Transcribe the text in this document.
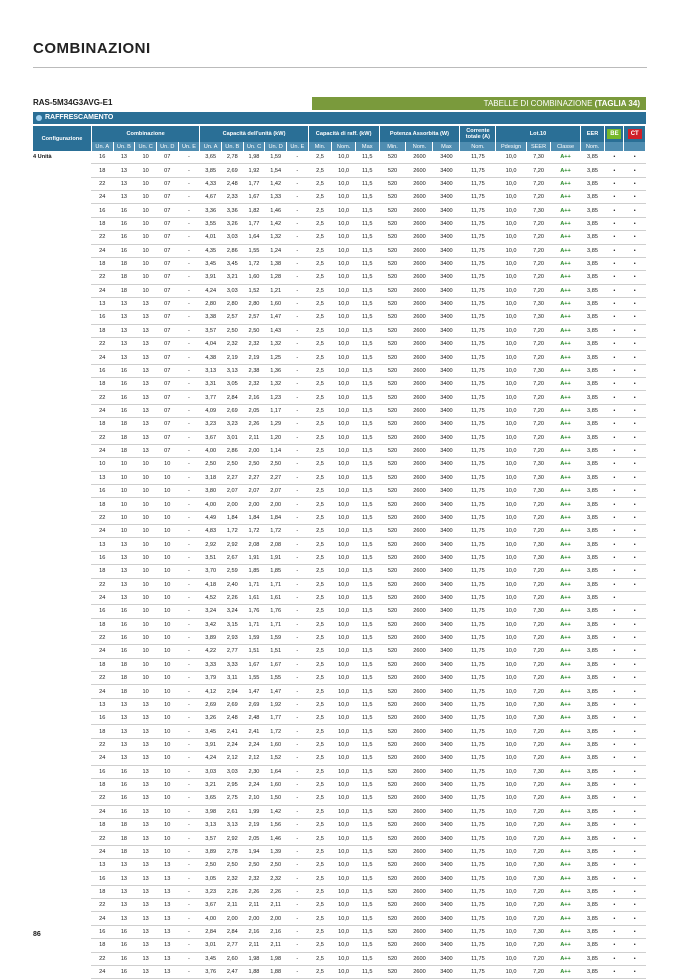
COMBINAZIONI
RAS-5M34G3AVG-E1	TABELLE DI COMBINAZIONE (TAGLIA 34)
RAFFRESCAMENTO
Configurazione	Combinazione					Capacità dell'unità (kW)					Capacità di raff. (kW)			Potenza Assorbita (W)			Corrente totale (A)	Lot.10			EER	BE	CT
	Un. A	Un. B	Un. C	Un. D	Un. E	Un. A	Un. B	Un. C	Un. D	Un. E	Min.	Nom.	Max	Min.	Nom.	Max	Nom.	Pdesign	SEER	Classe	Nom.		
4 Unità	16	13	10	07	-	3,65	2,78	1,98	1,59	-	2,5	10,0	11,5	520	2600	3400	11,75	10,0	7,30	A++	3,85	•	•
	18	13	10	07	-	3,85	2,69	1,92	1,54	-	2,5	10,0	11,5	520	2600	3400	11,75	10,0	7,20	A++	3,85	•	•
	22	13	10	07	-	4,33	2,48	1,77	1,42	-	2,5	10,0	11,5	520	2600	3400	11,75	10,0	7,20	A++	3,85	•	•
	24	13	10	07	-	4,67	2,33	1,67	1,33	-	2,5	10,0	11,5	520	2600	3400	11,75	10,0	7,20	A++	3,85	•	•
	16	16	10	07	-	3,36	3,36	1,82	1,46	-	2,5	10,0	11,5	520	2600	3400	11,75	10,0	7,30	A++	3,85	•	•
	18	16	10	07	-	3,55	3,26	1,77	1,42	-	2,5	10,0	11,5	520	2600	3400	11,75	10,0	7,20	A++	3,85	•	•
	22	16	10	07	-	4,01	3,03	1,64	1,32	-	2,5	10,0	11,5	520	2600	3400	11,75	10,0	7,20	A++	3,85	•	•
	24	16	10	07	-	4,35	2,86	1,55	1,24	-	2,5	10,0	11,5	520	2600	3400	11,75	10,0	7,20	A++	3,85	•	•
	18	18	10	07	-	3,45	3,45	1,72	1,38	-	2,5	10,0	11,5	520	2600	3400	11,75	10,0	7,20	A++	3,85	•	•
	22	18	10	07	-	3,91	3,21	1,60	1,28	-	2,5	10,0	11,5	520	2600	3400	11,75	10,0	7,20	A++	3,85	•	•
	24	18	10	07	-	4,24	3,03	1,52	1,21	-	2,5	10,0	11,5	520	2600	3400	11,75	10,0	7,20	A++	3,85	•	•
	13	13	13	07	-	2,80	2,80	2,80	1,60	-	2,5	10,0	11,5	520	2600	3400	11,75	10,0	7,30	A++	3,85	•	•
	16	13	13	07	-	3,38	2,57	2,57	1,47	-	2,5	10,0	11,5	520	2600	3400	11,75	10,0	7,30	A++	3,85	•	•
	18	13	13	07	-	3,57	2,50	2,50	1,43	-	2,5	10,0	11,5	520	2600	3400	11,75	10,0	7,20	A++	3,85	•	•
	22	13	13	07	-	4,04	2,32	2,32	1,32	-	2,5	10,0	11,5	520	2600	3400	11,75	10,0	7,20	A++	3,85	•	•
	24	13	13	07	-	4,38	2,19	2,19	1,25	-	2,5	10,0	11,5	520	2600	3400	11,75	10,0	7,20	A++	3,85	•	•
	16	16	13	07	-	3,13	3,13	2,38	1,36	-	2,5	10,0	11,5	520	2600	3400	11,75	10,0	7,30	A++	3,85	•	•
	18	16	13	07	-	3,31	3,05	2,32	1,32	-	2,5	10,0	11,5	520	2600	3400	11,75	10,0	7,20	A++	3,85	•	•
	22	16	13	07	-	3,77	2,84	2,16	1,23	-	2,5	10,0	11,5	520	2600	3400	11,75	10,0	7,20	A++	3,85	•	•
	24	16	13	07	-	4,09	2,69	2,05	1,17	-	2,5	10,0	11,5	520	2600	3400	11,75	10,0	7,20	A++	3,85	•	•
	18	18	13	07	-	3,23	3,23	2,26	1,29	-	2,5	10,0	11,5	520	2600	3400	11,75	10,0	7,20	A++	3,85	•	•
	22	18	13	07	-	3,67	3,01	2,11	1,20	-	2,5	10,0	11,5	520	2600	3400	11,75	10,0	7,20	A++	3,85	•	•
	24	18	13	07	-	4,00	2,86	2,00	1,14	-	2,5	10,0	11,5	520	2600	3400	11,75	10,0	7,20	A++	3,85	•	•
	10	10	10	10	-	2,50	2,50	2,50	2,50	-	2,5	10,0	11,5	520	2600	3400	11,75	10,0	7,30	A++	3,85	•	•
	13	10	10	10	-	3,18	2,27	2,27	2,27	-	2,5	10,0	11,5	520	2600	3400	11,75	10,0	7,30	A++	3,85	•	•
	16	10	10	10	-	3,80	2,07	2,07	2,07	-	2,5	10,0	11,5	520	2600	3400	11,75	10,0	7,30	A++	3,85	•	•
	18	10	10	10	-	4,00	2,00	2,00	2,00	-	2,5	10,0	11,5	520	2600	3400	11,75	10,0	7,20	A++	3,85	•	•
	22	10	10	10	-	4,49	1,84	1,84	1,84	-	2,5	10,0	11,5	520	2600	3400	11,75	10,0	7,20	A++	3,85	•	•
	24	10	10	10	-	4,83	1,72	1,72	1,72	-	2,5	10,0	11,5	520	2600	3400	11,75	10,0	7,20	A++	3,85	•	•
	13	13	10	10	-	2,92	2,92	2,08	2,08	-	2,5	10,0	11,5	520	2600	3400	11,75	10,0	7,30	A++	3,85	•	•
	16	13	10	10	-	3,51	2,67	1,91	1,91	-	2,5	10,0	11,5	520	2600	3400	11,75	10,0	7,30	A++	3,85	•	•
	18	13	10	10	-	3,70	2,59	1,85	1,85	-	2,5	10,0	11,5	520	2600	3400	11,75	10,0	7,20	A++	3,85	•	•
	22	13	10	10	-	4,18	2,40	1,71	1,71	-	2,5	10,0	11,5	520	2600	3400	11,75	10,0	7,20	A++	3,85	•	•
	24	13	10	10	-	4,52	2,26	1,61	1,61	-	2,5	10,0	11,5	520	2600	3400	11,75	10,0	7,20	A++	3,85	•	
	16	16	10	10	-	3,24	3,24	1,76	1,76	-	2,5	10,0	11,5	520	2600	3400	11,75	10,0	7,30	A++	3,85	•	•
	18	16	10	10	-	3,42	3,15	1,71	1,71	-	2,5	10,0	11,5	520	2600	3400	11,75	10,0	7,20	A++	3,85	•	•
	22	16	10	10	-	3,89	2,93	1,59	1,59	-	2,5	10,0	11,5	520	2600	3400	11,75	10,0	7,20	A++	3,85	•	•
	24	16	10	10	-	4,22	2,77	1,51	1,51	-	2,5	10,0	11,5	520	2600	3400	11,75	10,0	7,20	A++	3,85	•	•
	18	18	10	10	-	3,33	3,33	1,67	1,67	-	2,5	10,0	11,5	520	2600	3400	11,75	10,0	7,20	A++	3,85	•	•
	22	18	10	10	-	3,79	3,11	1,55	1,55	-	2,5	10,0	11,5	520	2600	3400	11,75	10,0	7,20	A++	3,85	•	•
	24	18	10	10	-	4,12	2,94	1,47	1,47	-	2,5	10,0	11,5	520	2600	3400	11,75	10,0	7,20	A++	3,85	•	•
	13	13	13	10	-	2,69	2,69	2,69	1,92	-	2,5	10,0	11,5	520	2600	3400	11,75	10,0	7,30	A++	3,85	•	•
	16	13	13	10	-	3,26	2,48	2,48	1,77	-	2,5	10,0	11,5	520	2600	3400	11,75	10,0	7,30	A++	3,85	•	•
	18	13	13	10	-	3,45	2,41	2,41	1,72	-	2,5	10,0	11,5	520	2600	3400	11,75	10,0	7,20	A++	3,85	•	•
	22	13	13	10	-	3,91	2,24	2,24	1,60	-	2,5	10,0	11,5	520	2600	3400	11,75	10,0	7,20	A++	3,85	•	•
	24	13	13	10	-	4,24	2,12	2,12	1,52	-	2,5	10,0	11,5	520	2600	3400	11,75	10,0	7,20	A++	3,85	•	•
	16	16	13	10	-	3,03	3,03	2,30	1,64	-	2,5	10,0	11,5	520	2600	3400	11,75	10,0	7,30	A++	3,85	•	•
	18	16	13	10	-	3,21	2,95	2,24	1,60	-	2,5	10,0	11,5	520	2600	3400	11,75	10,0	7,20	A++	3,85	•	•
	22	16	13	10	-	3,65	2,75	2,10	1,50	-	2,5	10,0	11,5	520	2600	3400	11,75	10,0	7,20	A++	3,85	•	•
	24	16	13	10	-	3,98	2,61	1,99	1,42	-	2,5	10,0	11,5	520	2600	3400	11,75	10,0	7,20	A++	3,85	•	•
	18	18	13	10	-	3,13	3,13	2,19	1,56	-	2,5	10,0	11,5	520	2600	3400	11,75	10,0	7,20	A++	3,85	•	•
	22	18	13	10	-	3,57	2,92	2,05	1,46	-	2,5	10,0	11,5	520	2600	3400	11,75	10,0	7,20	A++	3,85	•	•
	24	18	13	10	-	3,89	2,78	1,94	1,39	-	2,5	10,0	11,5	520	2600	3400	11,75	10,0	7,20	A++	3,85	•	•
	13	13	13	13	-	2,50	2,50	2,50	2,50	-	2,5	10,0	11,5	520	2600	3400	11,75	10,0	7,30	A++	3,85	•	•
	16	13	13	13	-	3,05	2,32	2,32	2,32	-	2,5	10,0	11,5	520	2600	3400	11,75	10,0	7,30	A++	3,85	•	•
	18	13	13	13	-	3,23	2,26	2,26	2,26	-	2,5	10,0	11,5	520	2600	3400	11,75	10,0	7,20	A++	3,85	•	•
	22	13	13	13	-	3,67	2,11	2,11	2,11	-	2,5	10,0	11,5	520	2600	3400	11,75	10,0	7,20	A++	3,85	•	•
	24	13	13	13	-	4,00	2,00	2,00	2,00	-	2,5	10,0	11,5	520	2600	3400	11,75	10,0	7,20	A++	3,85	•	•
	16	16	13	13	-	2,84	2,84	2,16	2,16	-	2,5	10,0	11,5	520	2600	3400	11,75	10,0	7,30	A++	3,85	•	•
	18	16	13	13	-	3,01	2,77	2,11	2,11	-	2,5	10,0	11,5	520	2600	3400	11,75	10,0	7,20	A++	3,85	•	•
	22	16	13	13	-	3,45	2,60	1,98	1,98	-	2,5	10,0	11,5	520	2600	3400	11,75	10,0	7,20	A++	3,85	•	•
	24	16	13	13	-	3,76	2,47	1,88	1,88	-	2,5	10,0	11,5	520	2600	3400	11,75	10,0	7,20	A++	3,85	•	•
86
